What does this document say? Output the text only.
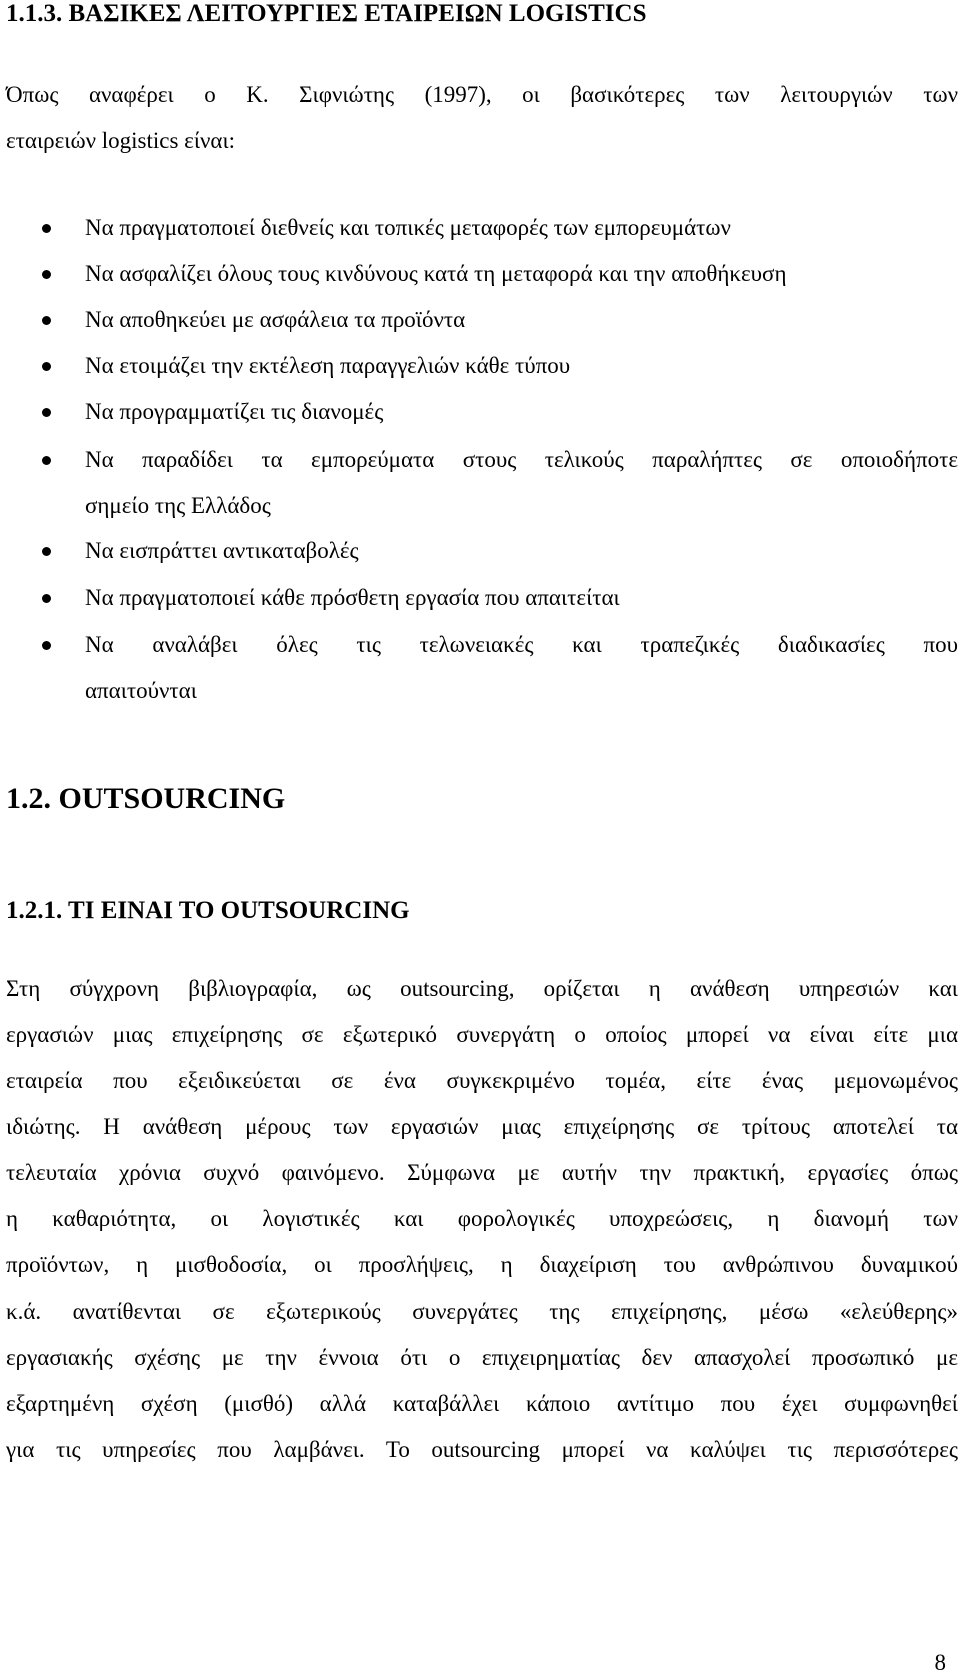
1.1.3. ΒΑΣΙΚΕΣ ΛΕΙΤΟΥΡΓΙΕΣ ΕΤΑΙΡΕΙΩΝ LOGISTICS
Όπως αναφέρει ο Κ. Σιφνιώτης (1997), οι βασικότερες των λειτουργιών των
εταιρειών logistics είναι:
Να πραγματοποιεί διεθνείς και τοπικές μεταφορές των εμπορευμάτων
Να ασφαλίζει όλους τους κινδύνους κατά τη μεταφορά και την αποθήκευση
Να αποθηκεύει με ασφάλεια τα προϊόντα
Να ετοιμάζει την εκτέλεση παραγγελιών κάθε τύπου
Να προγραμματίζει τις διανομές
Να παραδίδει τα εμπορεύματα στους τελικούς παραλήπτες σε οποιοδήποτε
σημείο της Ελλάδος
Να εισπράττει αντικαταβολές
Να πραγματοποιεί κάθε πρόσθετη εργασία που απαιτείται
Να αναλάβει όλες τις τελωνειακές και τραπεζικές διαδικασίες που
απαιτούνται
1.2. OUTSOURCING
1.2.1. ΤΙ ΕΙΝΑΙ ΤΟ OUTSOURCING
Στη σύγχρονη βιβλιογραφία, ως outsourcing, ορίζεται η ανάθεση υπηρεσιών και
εργασιών μιας επιχείρησης σε εξωτερικό συνεργάτη ο οποίος μπορεί να είναι είτε μια
εταιρεία που εξειδικεύεται σε ένα συγκεκριμένο τομέα, είτε ένας μεμονωμένος
ιδιώτης. Η ανάθεση μέρους των εργασιών μιας επιχείρησης σε τρίτους αποτελεί τα
τελευταία χρόνια συχνό φαινόμενο. Σύμφωνα με αυτήν την πρακτική, εργασίες όπως
η καθαριότητα, οι λογιστικές και φορολογικές υποχρεώσεις, η διανομή των
προϊόντων, η μισθοδοσία, οι προσλήψεις, η διαχείριση του ανθρώπινου δυναμικού
κ.ά. ανατίθενται σε εξωτερικούς συνεργάτες της επιχείρησης, μέσω «ελεύθερης»
εργασιακής σχέσης με την έννοια ότι ο επιχειρηματίας δεν απασχολεί προσωπικό με
εξαρτημένη σχέση (μισθό) αλλά καταβάλλει κάποιο αντίτιμο που έχει συμφωνηθεί
για τις υπηρεσίες που λαμβάνει. Το outsourcing μπορεί να καλύψει τις περισσότερες
8
